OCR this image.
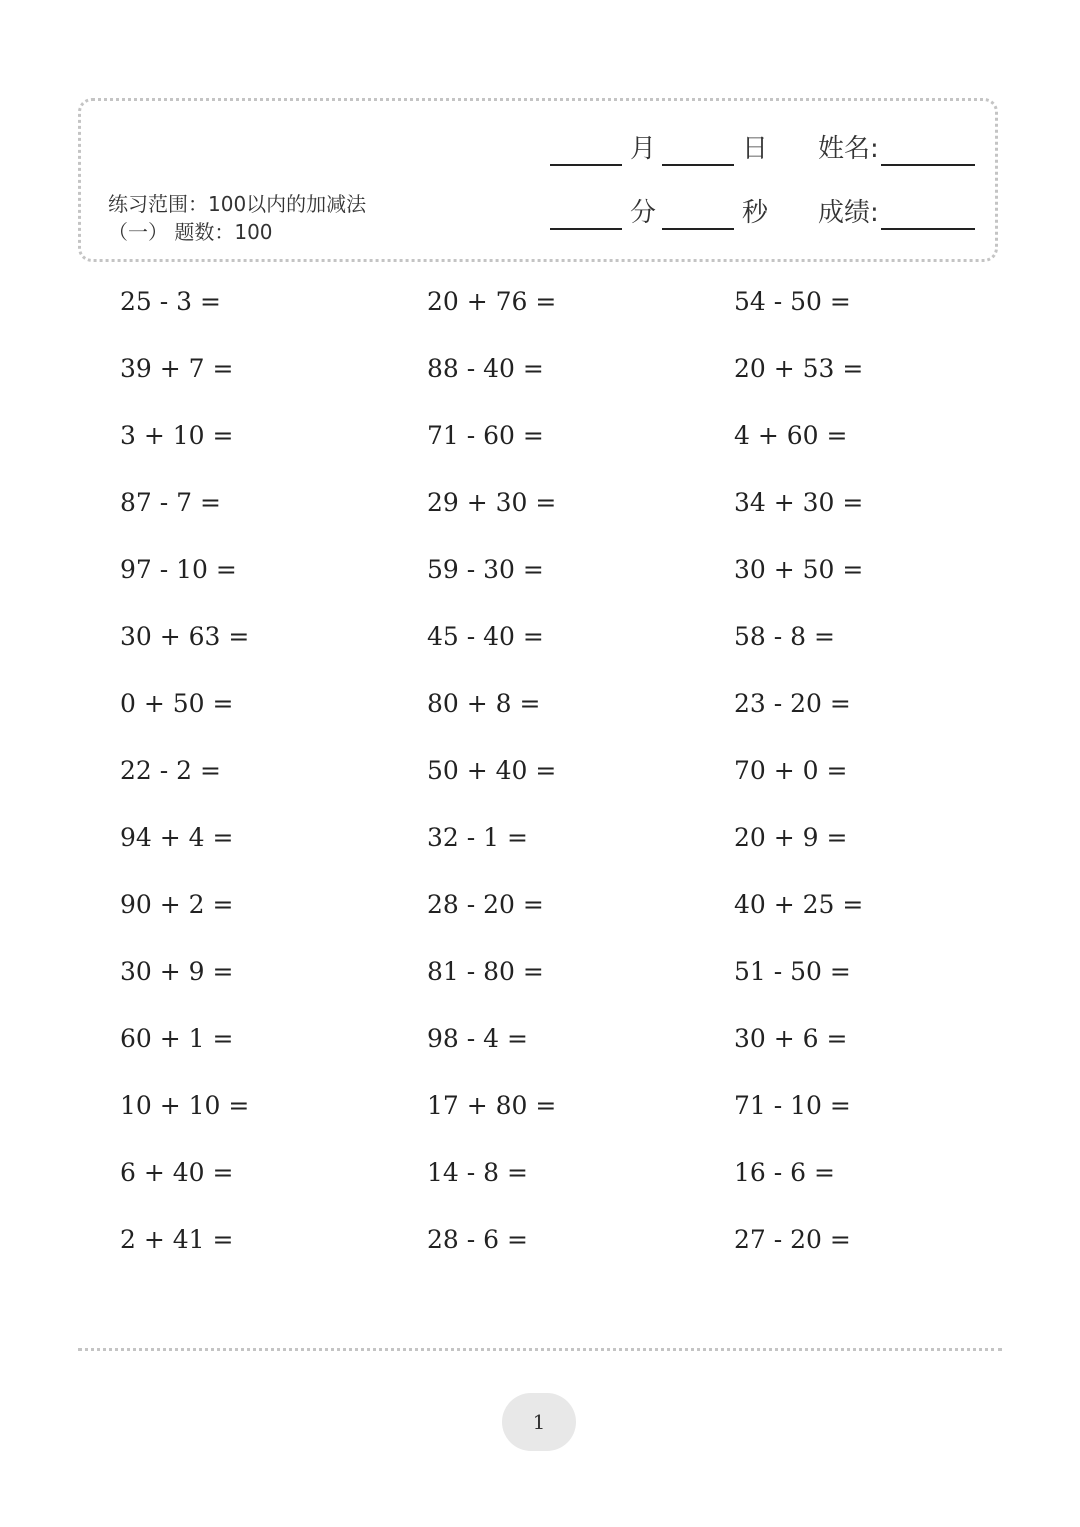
练习范围：100以内的加减法
（一） 题数：100
月	日 姓名:
分	秒 成绩:
25 - 3 =	20 + 76 =	54 - 50 =
39 + 7 =	88 - 40 =	20 + 53 =
3 + 10 =	71 - 60 =	4 + 60 =
87 - 7 =	29 + 30 =	34 + 30 =
97 - 10 =	59 - 30 =	30 + 50 =
30 + 63 =	45 - 40 =	58 - 8 =
0 + 50 =	80 + 8 =	23 - 20 =
22 - 2 =	50 + 40 =	70 + 0 =
94 + 4 =	32 - 1 =	20 + 9 =
90 + 2 =	28 - 20 =	40 + 25 =
30 + 9 =	81 - 80 =	51 - 50 =
60 + 1 =	98 - 4 =	30 + 6 =
10 + 10 =	17 + 80 =	71 - 10 =
6 + 40 =	14 - 8 =	16 - 6 =
2 + 41 =	28 - 6 =	27 - 20 =
1
